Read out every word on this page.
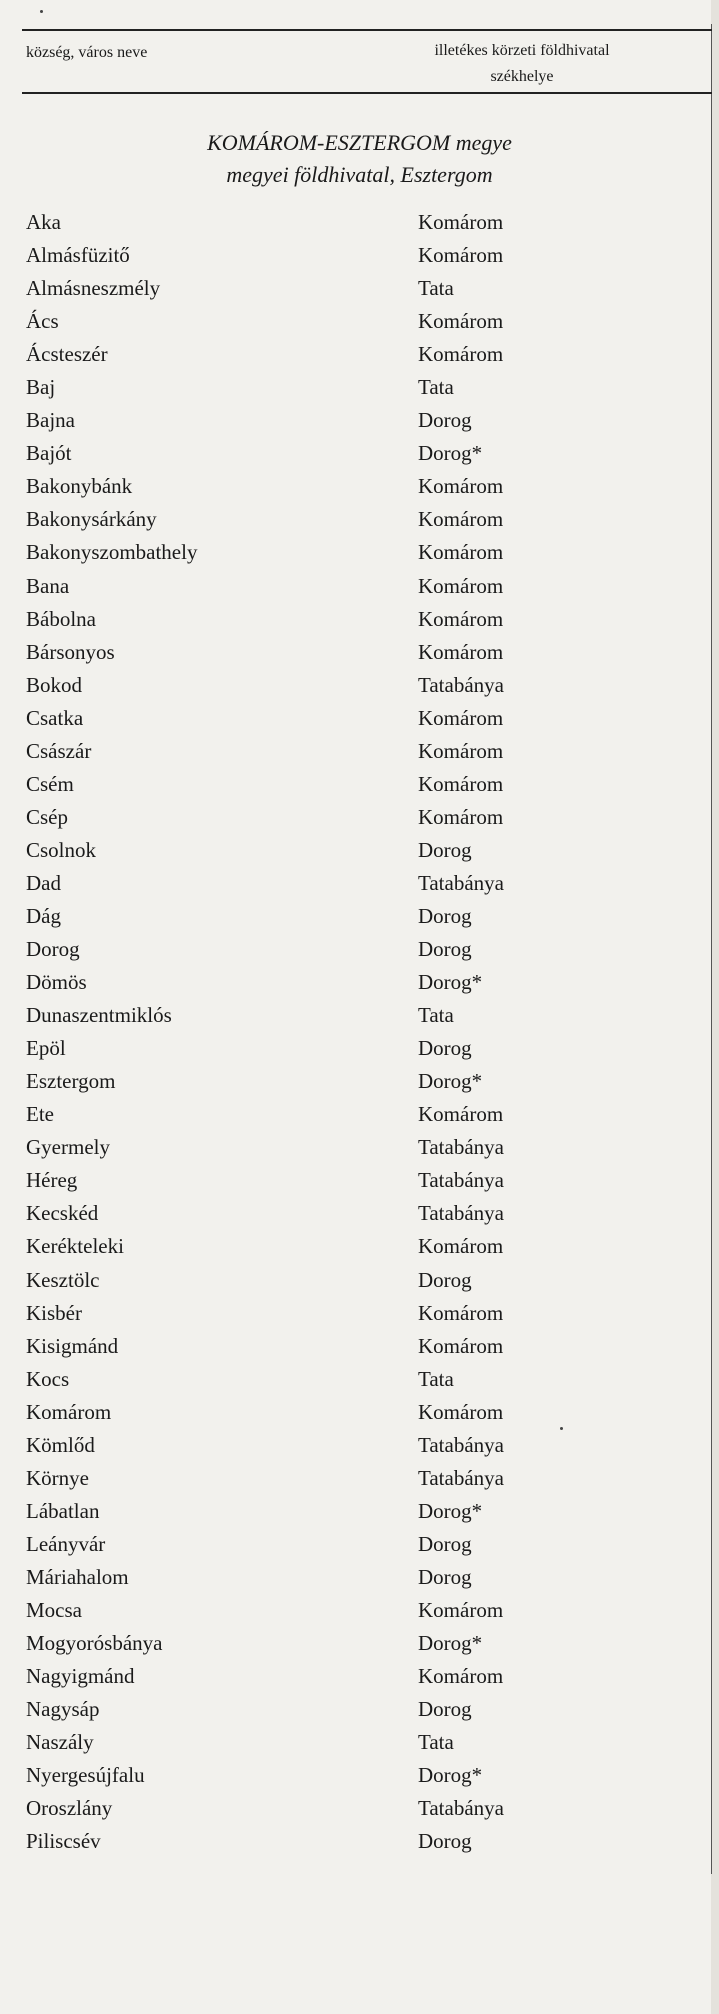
község, város neve	illetékes körzeti földhivatal
székhelye
KOMÁROM-ESZTERGOM megye
megyei földhivatal, Esztergom
Aka	Komárom
Almásfüzitő	Komárom
Almásneszmély	Tata
Ács	Komárom
Ácsteszér	Komárom
Baj	Tata
Bajna	Dorog
Bajót	Dorog*
Bakonybánk	Komárom
Bakonysárkány	Komárom
Bakonyszombathely	Komárom
Bana	Komárom
Bábolna	Komárom
Bársonyos	Komárom
Bokod	Tatabánya
Csatka	Komárom
Császár	Komárom
Csém	Komárom
Csép	Komárom
Csolnok	Dorog
Dad	Tatabánya
Dág	Dorog
Dorog	Dorog
Dömös	Dorog*
Dunaszentmiklós	Tata
Epöl	Dorog
Esztergom	Dorog*
Ete	Komárom
Gyermely	Tatabánya
Héreg	Tatabánya
Kecskéd	Tatabánya
Kerékteleki	Komárom
Kesztölc	Dorog
Kisbér	Komárom
Kisigmánd	Komárom
Kocs	Tata
Komárom	Komárom
Kömlőd	Tatabánya
Környe	Tatabánya
Lábatlan	Dorog*
Leányvár	Dorog
Máriahalom	Dorog
Mocsa	Komárom
Mogyorósbánya	Dorog*
Nagyigmánd	Komárom
Nagysáp	Dorog
Naszály	Tata
Nyergesújfalu	Dorog*
Oroszlány	Tatabánya
Piliscsév	Dorog
